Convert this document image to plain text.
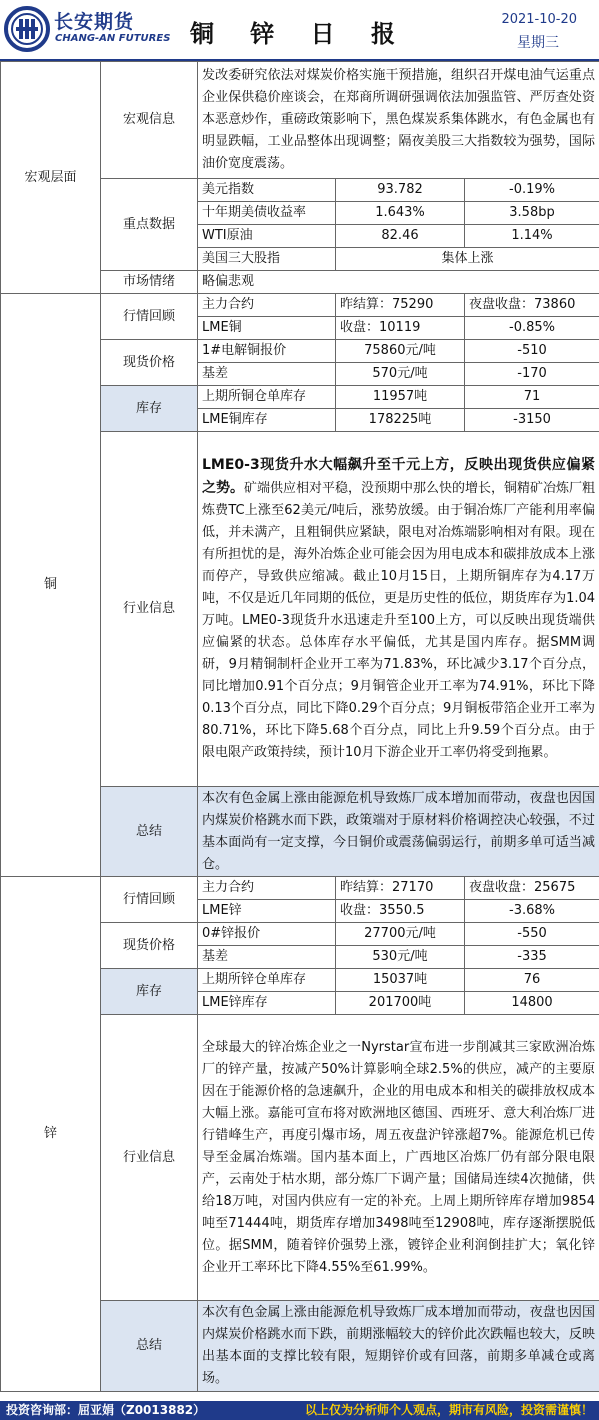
长安期货
CHANG-AN FUTURES 铜 锌 日 报
2021-10-20
星期三
宏观层面	宏观信息	发改委研究依法对煤炭价格实施干预措施，组织召开煤电油气运重点企业保供稳价座谈会，在郑商所调研强调依法加强监管、严厉查处资本恶意炒作，重磅政策影响下，黑色煤炭系集体跳水，有色金属也有明显跌幅，工业品整体出现调整；隔夜美股三大指数较为强势，国际油价宽度震荡。		
	重点数据	美元指数	93.782	-0.19%
		十年期美债收益率	1.643%	3.58bp
		WTI原油	82.46	1.14%
		美国三大股指	集体上涨	
	市场情绪	略偏悲观		
铜	行情回顾	主力合约	昨结算：75290	夜盘收盘：73860
		LME铜	收盘：10119	-0.85%
	现货价格	1#电解铜报价	75860元/吨	-510
		基差	570元/吨	-170
	库存	上期所铜仓单库存	11957吨	71
		LME铜库存	178225吨	-3150
	行业信息	LME0-3现货升水大幅飙升至千元上方，反映出现货供应偏紧之势。矿端供应相对平稳，没预期中那么快的增长，铜精矿冶炼厂粗炼费TC上涨至62美元/吨后，涨势放缓。由于铜冶炼厂产能利用率偏低，并未满产，且粗铜供应紧缺，限电对冶炼端影响相对有限。现在有所担忧的是，海外冶炼企业可能会因为用电成本和碳排放成本上涨而停产，导致供应缩减。截止10月15日，上期所铜库存为4.17万吨，不仅是近几年同期的低位，更是历史性的低位，期货库存为1.04万吨。LME0-3现货升水迅速走升至100上方，可以反映出现货端供应偏紧的状态。总体库存水平偏低，尤其是国内库存。据SMM调研，9月精铜制杆企业开工率为71.83%，环比减少3.17个百分点，同比增加0.91个百分点；9月铜管企业开工率为74.91%，环比下降0.13个百分点，同比下降0.29个百分点；9月铜板带箔企业开工率为80.71%，环比下降5.68个百分点，同比上升9.59个百分点。由于限电限产政策持续，预计10月下游企业开工率仍将受到拖累。		
	总结	本次有色金属上涨由能源危机导致炼厂成本增加而带动，夜盘也因国内煤炭价格跳水而下跌，政策端对于原材料价格调控决心较强，不过基本面尚有一定支撑，今日铜价或震荡偏弱运行，前期多单可适当减仓。		
锌	行情回顾	主力合约	昨结算：27170	夜盘收盘：25675
		LME锌	收盘：3550.5	-3.68%
	现货价格	0#锌报价	27700元/吨	-550
		基差	530元/吨	-335
	库存	上期所锌仓单库存	15037吨	76
		LME锌库存	201700吨	14800
	行业信息	全球最大的锌冶炼企业之一Nyrstar宣布进一步削减其三家欧洲冶炼厂的锌产量，按减产50%计算影响全球2.5%的供应，减产的主要原因在于能源价格的急速飙升，企业的用电成本和相关的碳排放权成本大幅上涨。嘉能可宣布将对欧洲地区德国、西班牙、意大利冶炼厂进行错峰生产，再度引爆市场，周五夜盘沪锌涨超7%。能源危机已传导至金属冶炼端。国内基本面上，广西地区冶炼厂仍有部分限电限产，云南处于枯水期，部分炼厂下调产量；国储局连续4次抛储，供给18万吨，对国内供应有一定的补充。上周上期所锌库存增加9854吨至71444吨，期货库存增加3498吨至12908吨，库存逐渐摆脱低位。据SMM，随着锌价强势上涨，镀锌企业利润倒挂扩大；氧化锌企业开工率环比下降4.55%至61.99%。		
	总结	本次有色金属上涨由能源危机导致炼厂成本增加而带动，夜盘也因国内煤炭价格跳水而下跌，前期涨幅较大的锌价此次跌幅也较大，反映出基本面的支撑比较有限，短期锌价或有回落，前期多单减仓或离场。		
投资咨询部：屈亚娟（Z0013882）	以上仅为分析师个人观点，期市有风险，投资需谨慎！
